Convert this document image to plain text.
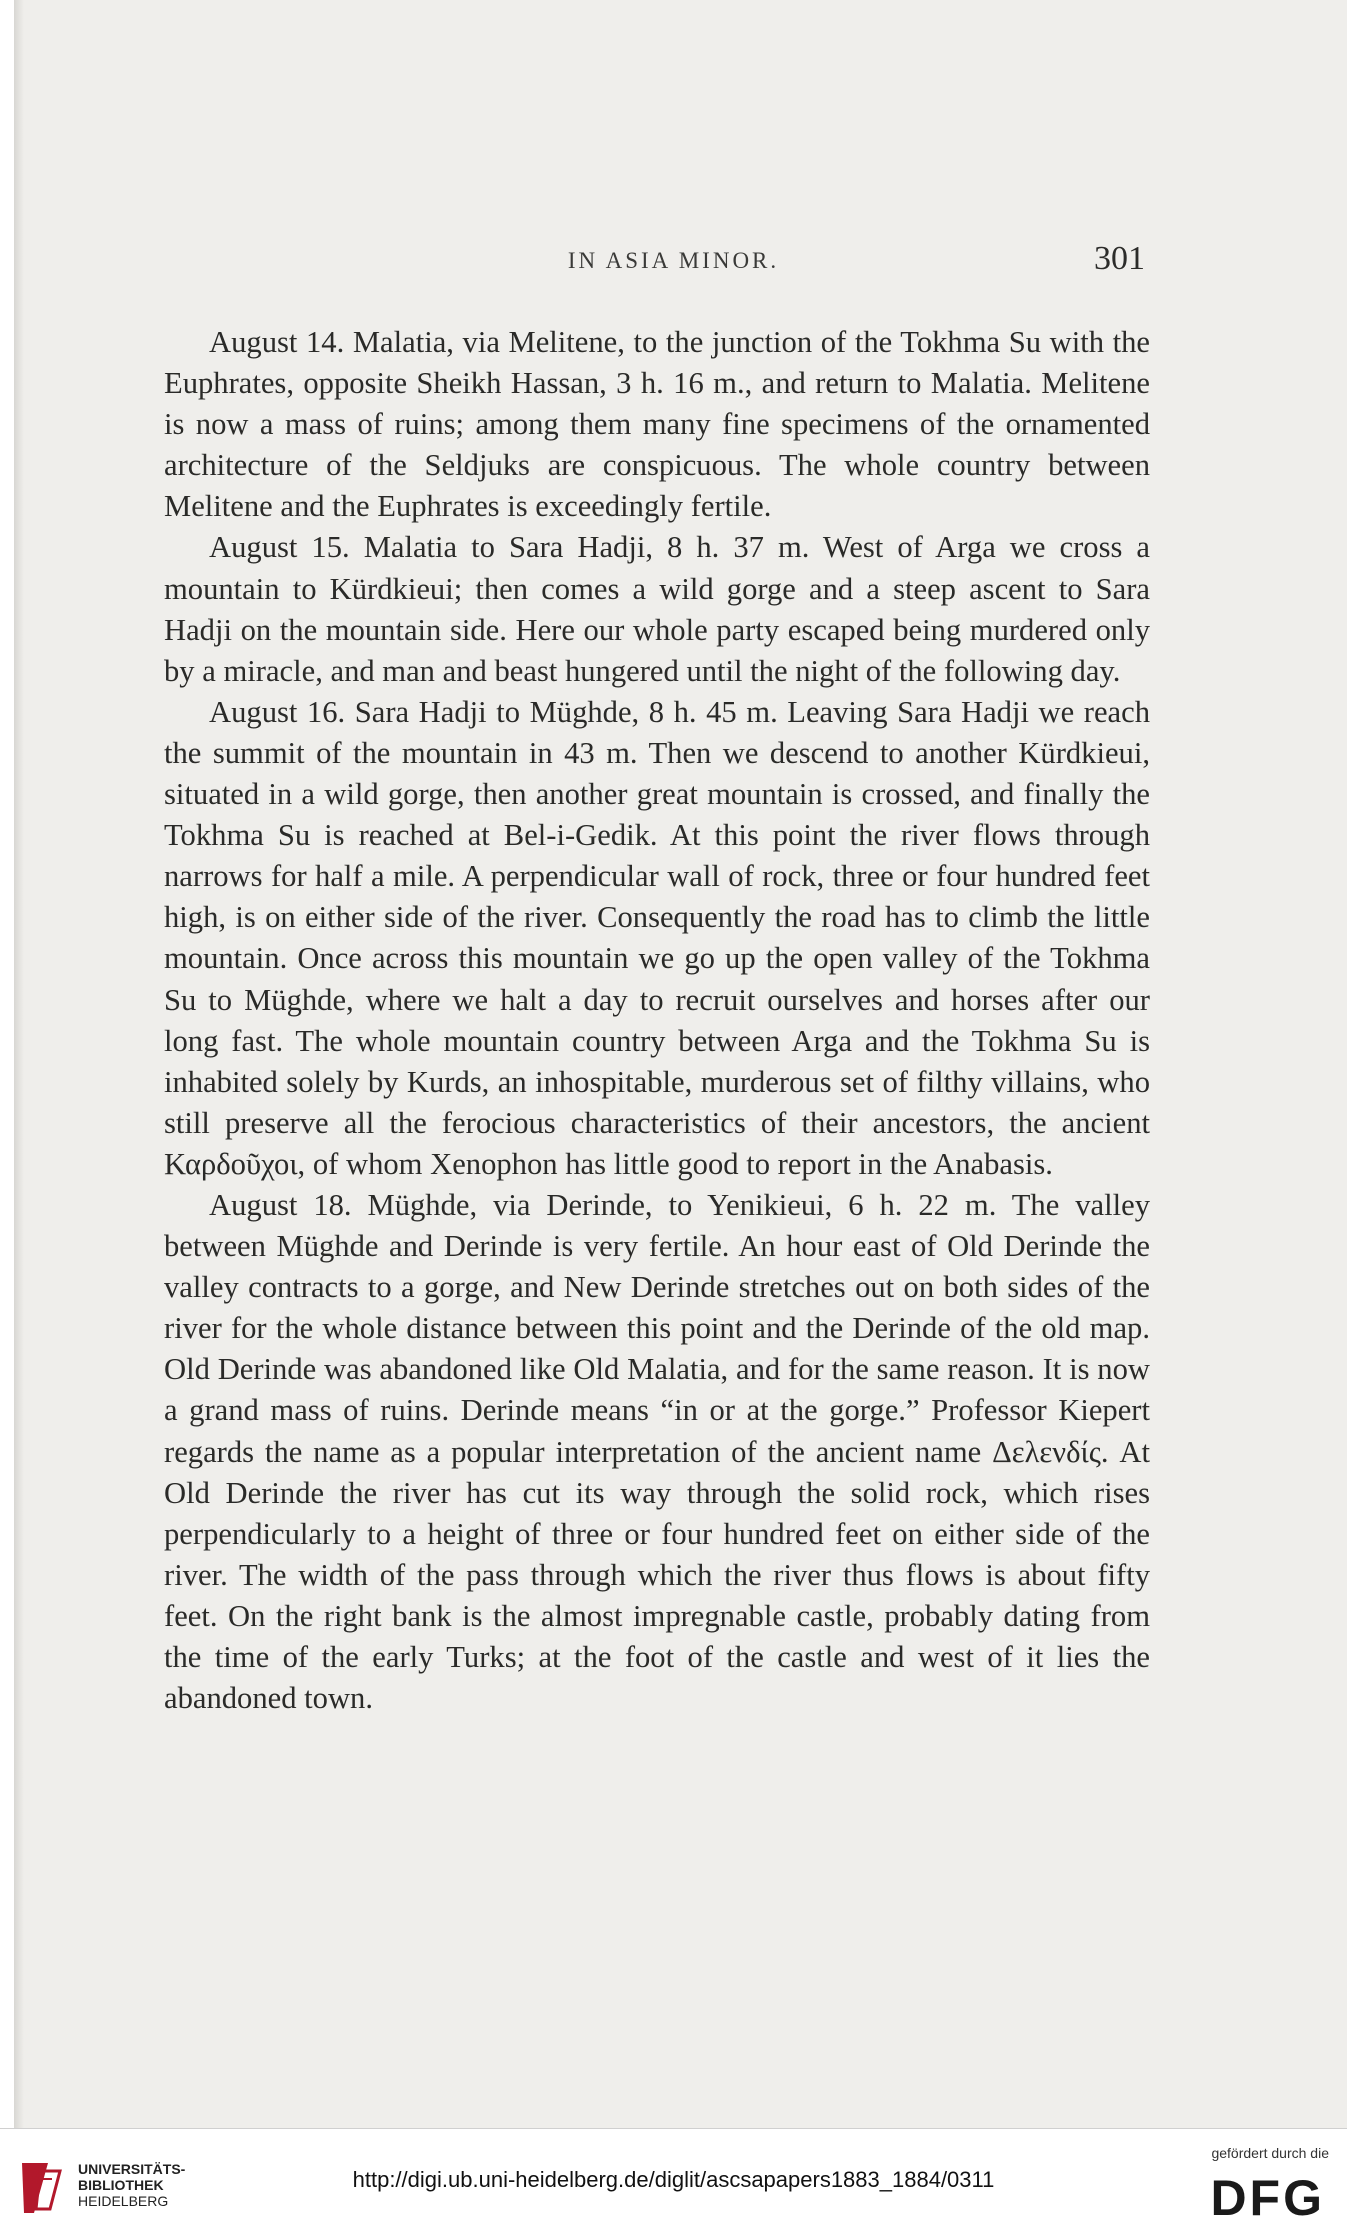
IN ASIA MINOR.	301

August 14. Malatia, via Melitene, to the junction of the Tokhma Su with the Euphrates, opposite Sheikh Hassan, 3 h. 16 m., and return to Malatia. Melitene is now a mass of ruins; among them many fine specimens of the ornamented architecture of the Seldjuks are conspicuous. The whole country between Melitene and the Euphrates is exceedingly fertile.

August 15. Malatia to Sara Hadji, 8 h. 37 m. West of Arga we cross a mountain to Kürdkieui; then comes a wild gorge and a steep ascent to Sara Hadji on the mountain side. Here our whole party escaped being murdered only by a miracle, and man and beast hungered until the night of the following day.

August 16. Sara Hadji to Müghde, 8 h. 45 m. Leaving Sara Hadji we reach the summit of the mountain in 43 m. Then we descend to another Kürdkieui, situated in a wild gorge, then another great mountain is crossed, and finally the Tokhma Su is reached at Bel-i-Gedik. At this point the river flows through narrows for half a mile. A perpendicular wall of rock, three or four hundred feet high, is on either side of the river. Consequently the road has to climb the little mountain. Once across this mountain we go up the open valley of the Tokhma Su to Müghde, where we halt a day to recruit ourselves and horses after our long fast. The whole mountain country between Arga and the Tokhma Su is inhabited solely by Kurds, an inhospitable, murderous set of filthy villains, who still preserve all the ferocious characteristics of their ancestors, the ancient Καρδοῦχοι, of whom Xenophon has little good to report in the Anabasis.

August 18. Müghde, via Derinde, to Yenikieui, 6 h. 22 m. The valley between Müghde and Derinde is very fertile. An hour east of Old Derinde the valley contracts to a gorge, and New Derinde stretches out on both sides of the river for the whole distance between this point and the Derinde of the old map. Old Derinde was abandoned like Old Malatia, and for the same reason. It is now a grand mass of ruins. Derinde means “in or at the gorge.” Professor Kiepert regards the name as a popular interpretation of the ancient name Δελενδίς. At Old Derinde the river has cut its way through the solid rock, which rises perpendicularly to a height of three or four hundred feet on either side of the river. The width of the pass through which the river thus flows is about fifty feet. On the right bank is the almost impregnable castle, probably dating from the time of the early Turks; at the foot of the castle and west of it lies the abandoned town.

UNIVERSITÄTS-
BIBLIOTHEK
HEIDELBERG
http://digi.ub.uni-heidelberg.de/diglit/ascsapapers1883_1884/0311
gefördert durch die
DFG
